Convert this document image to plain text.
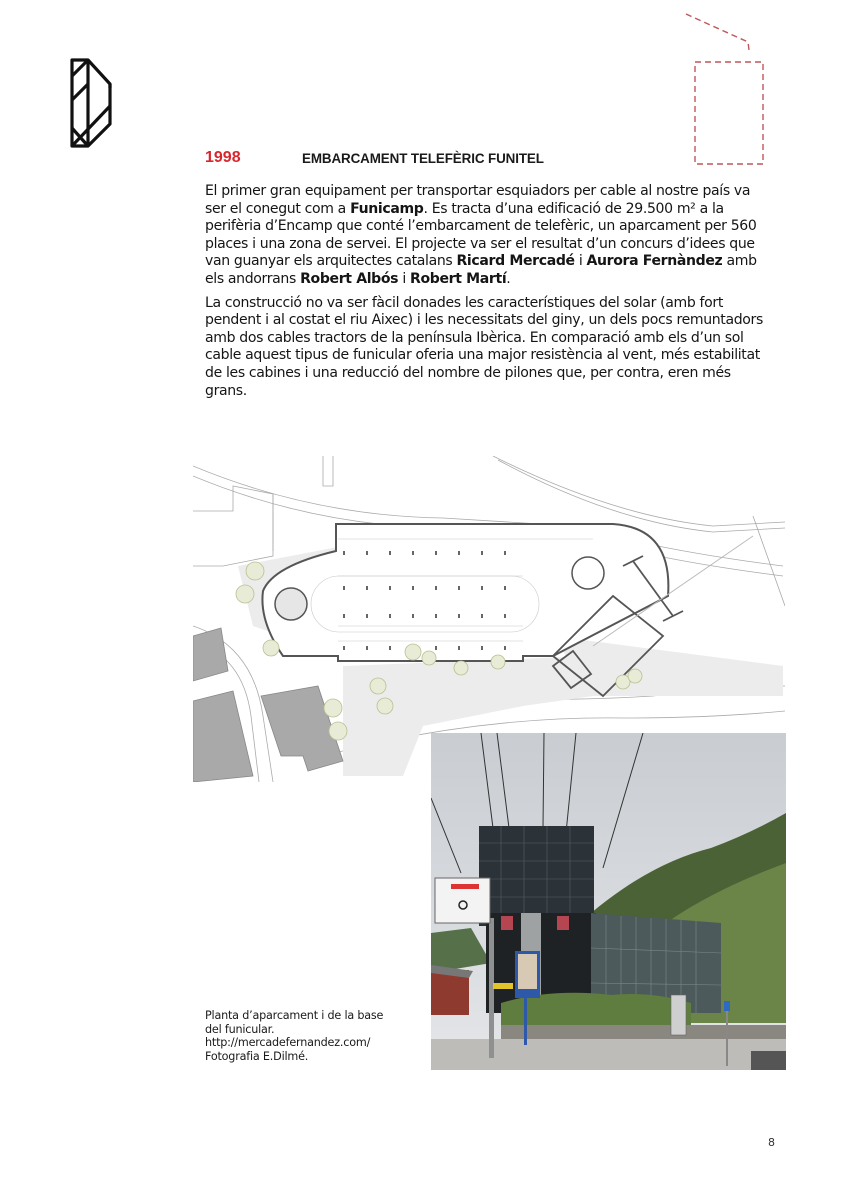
1998	EMBARCAMENT TELEFÈRIC FUNITEL

El primer gran equipament per transportar esquiadors per cable al nostre país va ser el conegut com a Funicamp. Es tracta d’una edificació de 29.500 m² a la perifèria d’Encamp que conté l’embarcament de telefèric, un aparcament per 560 places i una zona de servei. El projecte va ser el resultat d’un concurs d’idees que van guanyar els arquitectes catalans Ricard Mercadé i Aurora Fernàndez amb els andorrans Robert Albós i Robert Martí.

La construcció no va ser fàcil donades les característiques del solar (amb fort pendent i al costat el riu Aixec) i les necessitats del giny, un dels pocs remuntadors amb dos cables tractors de la península Ibèrica. En comparació amb els d’un sol cable aquest tipus de funicular oferia una major resistència al vent, més estabilitat de les cabines i una reducció del nombre de pilones que, per contra, eren més grans.

Planta d’aparcament i de la base
del funicular.
http://mercadefernandez.com/
Fotografia E.Dilmé.
8
